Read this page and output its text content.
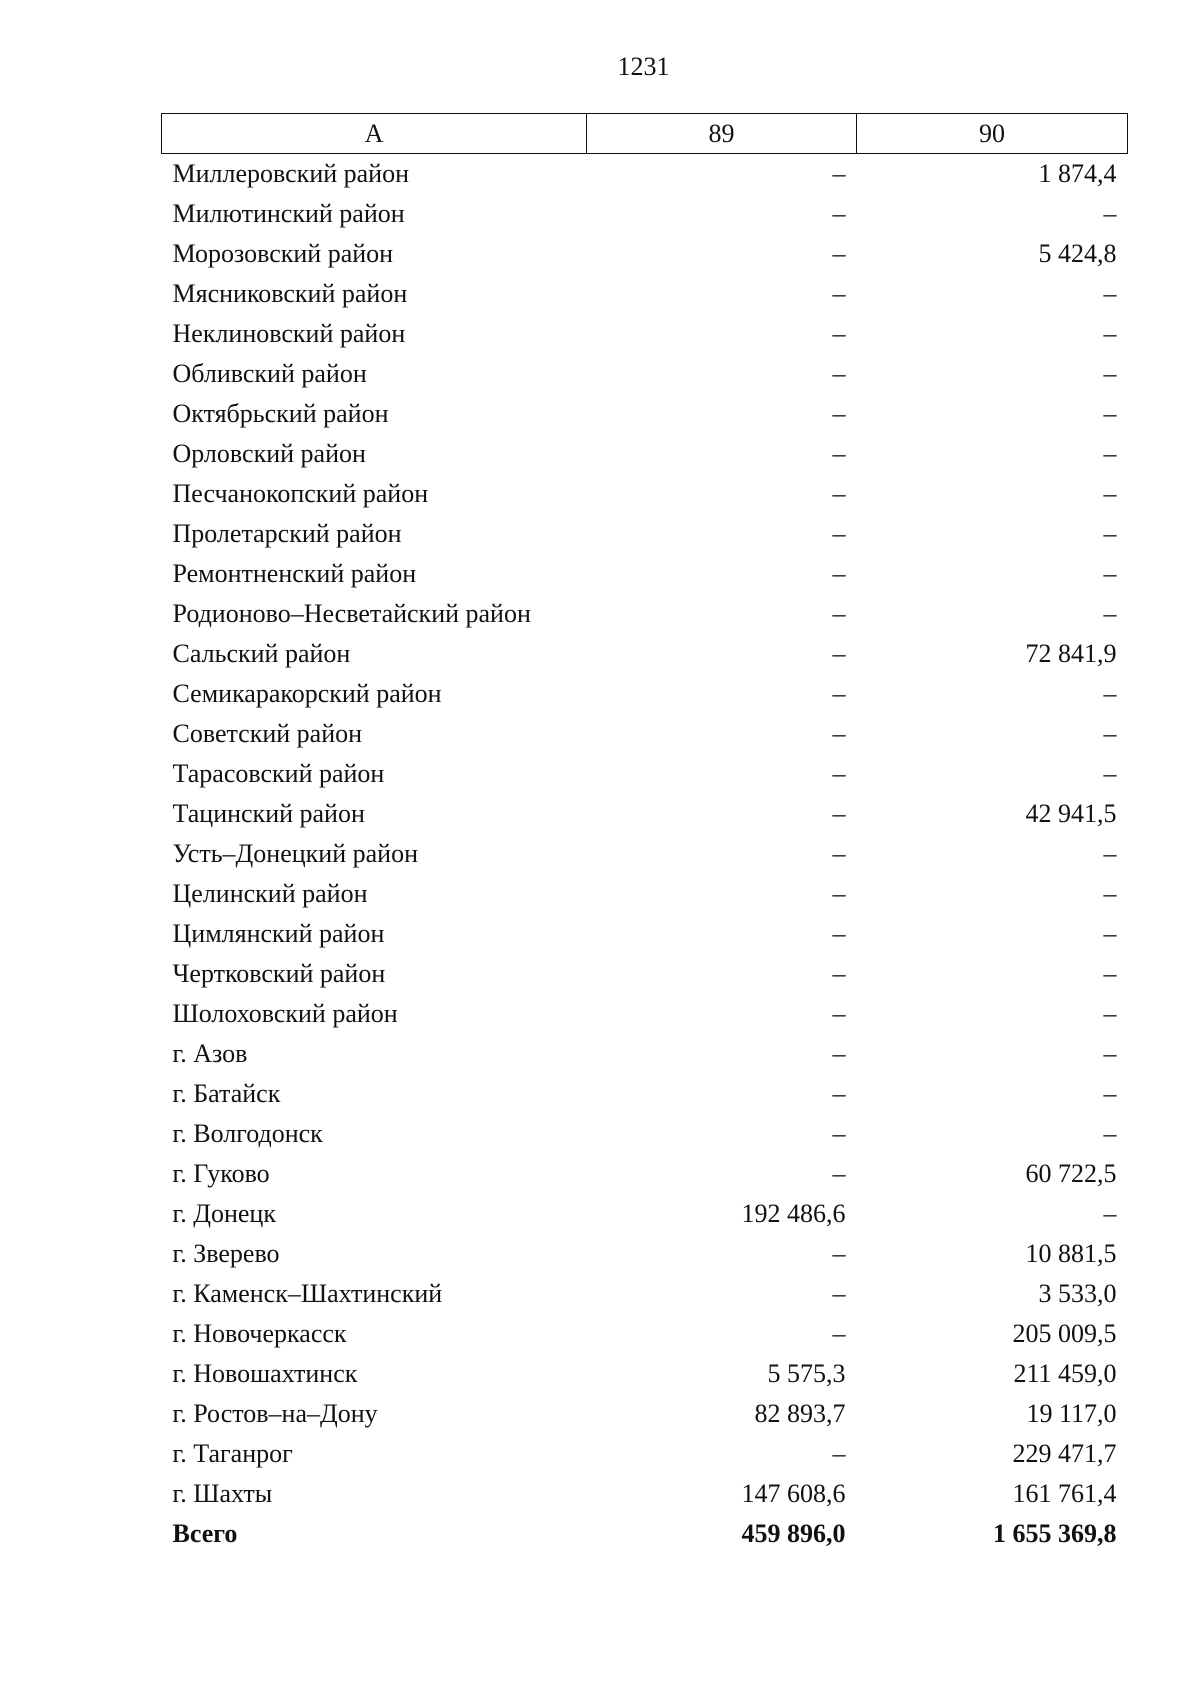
1231
А	89	90
Миллеровский район	–	1 874,4
Милютинский район	–	–
Морозовский район	–	5 424,8
Мясниковский район	–	–
Неклиновский район	–	–
Обливский район	–	–
Октябрьский район	–	–
Орловский район	–	–
Песчанокопский район	–	–
Пролетарский район	–	–
Ремонтненский район	–	–
Родионово–Несветайский район	–	–
Сальский район	–	72 841,9
Семикаракорский район	–	–
Советский район	–	–
Тарасовский район	–	–
Тацинский район	–	42 941,5
Усть–Донецкий район	–	–
Целинский район	–	–
Цимлянский район	–	–
Чертковский район	–	–
Шолоховский район	–	–
г. Азов	–	–
г. Батайск	–	–
г. Волгодонск	–	–
г. Гуково	–	60 722,5
г. Донецк	192 486,6	–
г. Зверево	–	10 881,5
г. Каменск–Шахтинский	–	3 533,0
г. Новочеркасск	–	205 009,5
г. Новошахтинск	5 575,3	211 459,0
г. Ростов–на–Дону	82 893,7	19 117,0
г. Таганрог	–	229 471,7
г. Шахты	147 608,6	161 761,4
Всего	459 896,0	1 655 369,8
